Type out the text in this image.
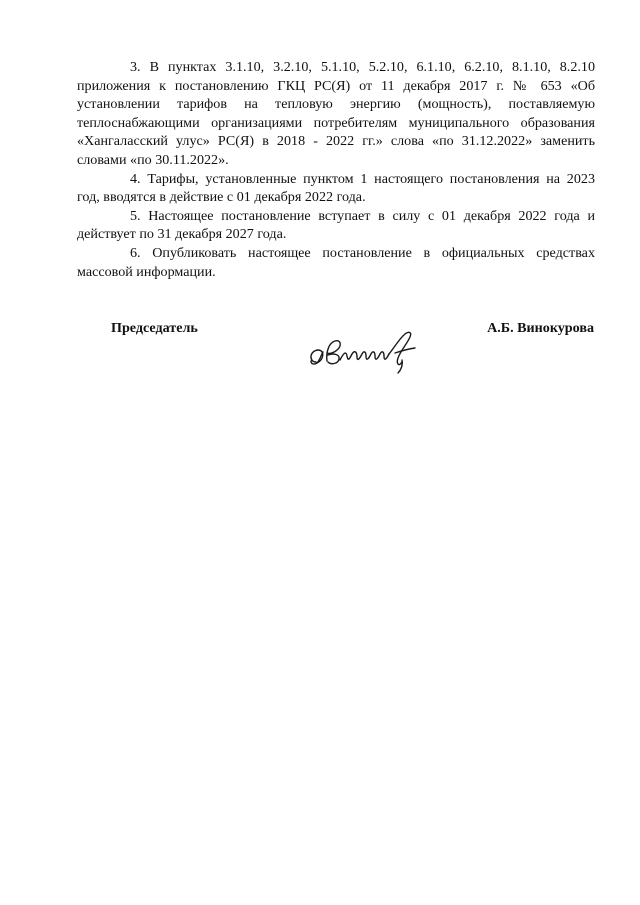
3. В пунктах 3.1.10, 3.2.10, 5.1.10, 5.2.10, 6.1.10, 6.2.10, 8.1.10, 8.2.10 приложения к постановлению ГКЦ РС(Я) от 11 декабря 2017 г. № 653 «Об установлении тарифов на тепловую энергию (мощность), поставляемую теплоснабжающими организациями потребителям муниципального образования «Хангаласский улус» РС(Я) в 2018 - 2022 гг.» слова «по 31.12.2022» заменить словами «по 30.11.2022».

4. Тарифы, установленные пунктом 1 настоящего постановления на 2023 год, вводятся в действие с 01 декабря 2022 года.

5. Настоящее постановление вступает в силу с 01 декабря 2022 года и действует по 31 декабря 2027 года.

6. Опубликовать настоящее постановление в официальных средствах массовой информации.

Председатель	А.Б. Винокурова
